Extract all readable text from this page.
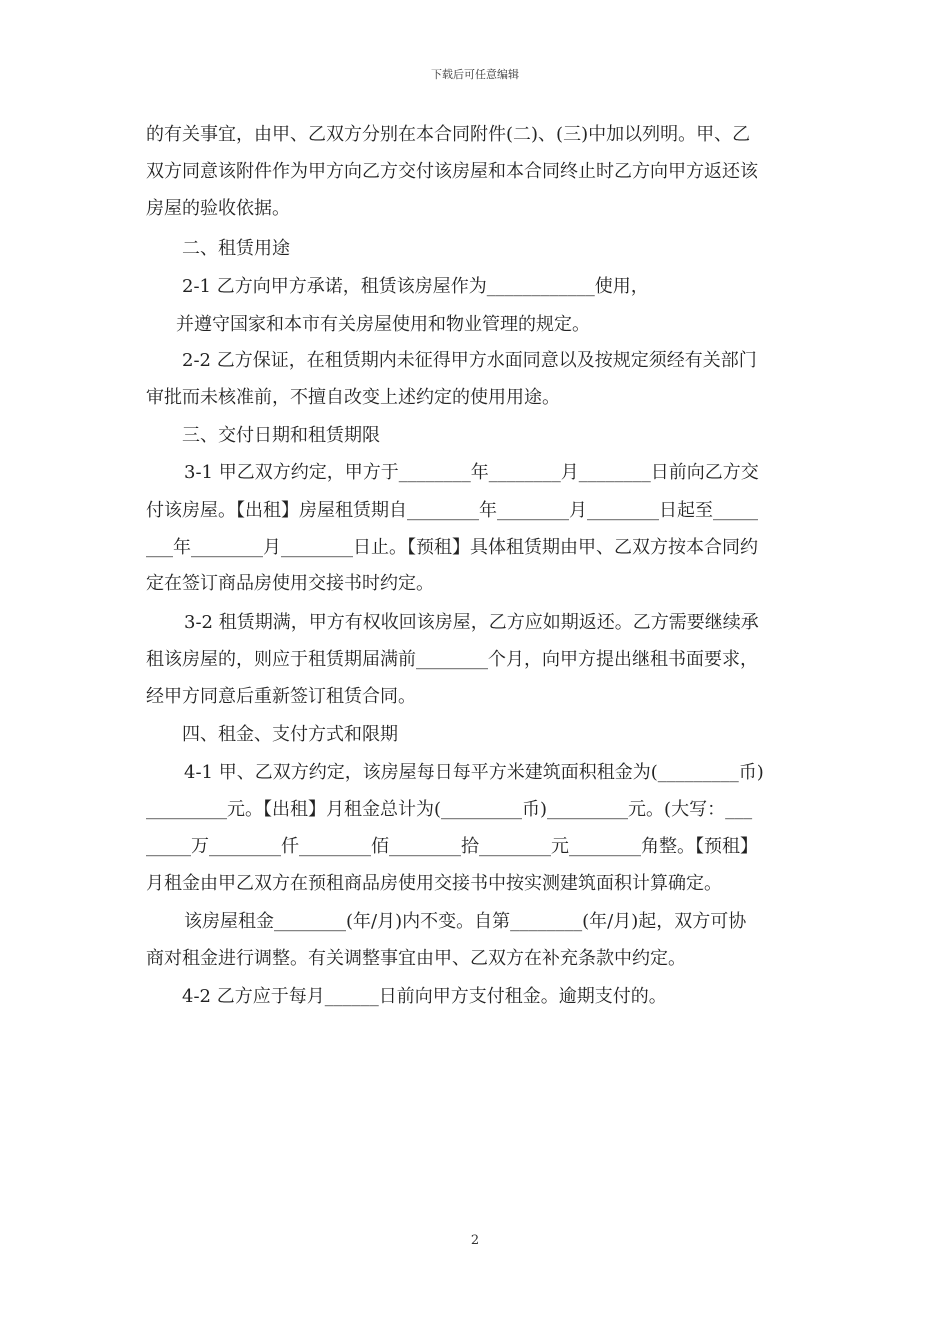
下载后可任意编辑
的有关事宜，由甲、乙双方分别在本合同附件(二)、(三)中加以列明。甲、乙
双方同意该附件作为甲方向乙方交付该房屋和本合同终止时乙方向甲方返还该
房屋的验收依据。
二、租赁用途
2-1 乙方向甲方承诺，租赁该房屋作为____________使用，
并遵守国家和本市有关房屋使用和物业管理的规定。
2-2 乙方保证，在租赁期内未征得甲方水面同意以及按规定须经有关部门
审批而未核准前，不擅自改变上述约定的使用用途。
三、交付日期和租赁期限
3-1 甲乙双方约定，甲方于________年________月________日前向乙方交
付该房屋。【出租】房屋租赁期自________年________月________日起至_____
___年________月________日止。【预租】具体租赁期由甲、乙双方按本合同约
定在签订商品房使用交接书时约定。
3-2 租赁期满，甲方有权收回该房屋，乙方应如期返还。乙方需要继续承
租该房屋的，则应于租赁期届满前________个月，向甲方提出继租书面要求，
经甲方同意后重新签订租赁合同。
四、租金、支付方式和限期
4-1 甲、乙双方约定，该房屋每日每平方米建筑面积租金为(_________币)
_________元。【出租】月租金总计为(_________币)_________元。(大写：___
_____万________仟________佰________拾________元________角整。【预租】
月租金由甲乙双方在预租商品房使用交接书中按实测建筑面积计算确定。
该房屋租金________(年/月)内不变。自第________(年/月)起，双方可协
商对租金进行调整。有关调整事宜由甲、乙双方在补充条款中约定。
4-2 乙方应于每月______日前向甲方支付租金。逾期支付的。
2
